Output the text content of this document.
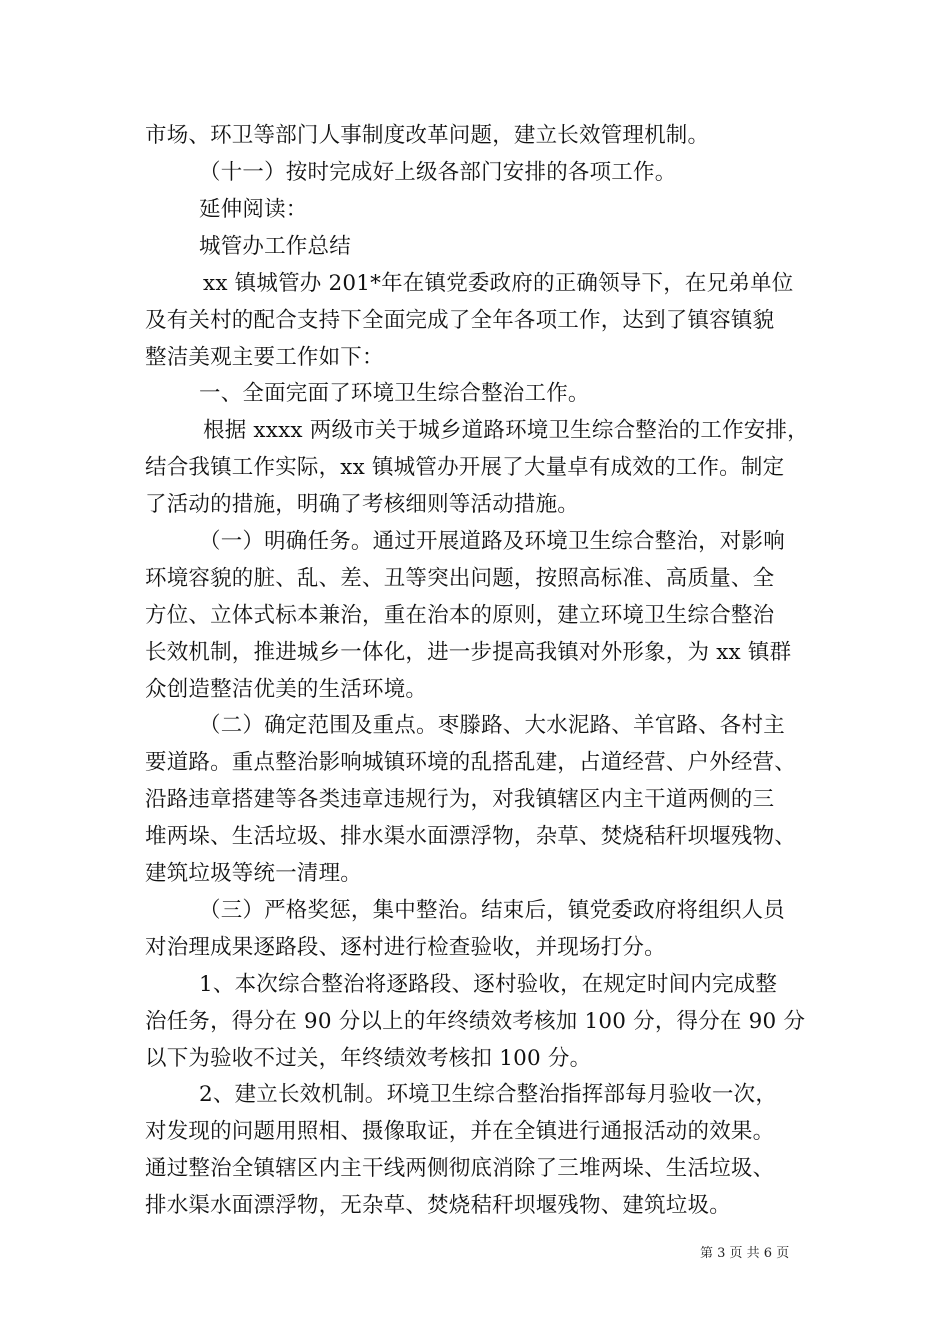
市场、环卫等部门人事制度改革问题，建立长效管理机制。
（十一）按时完成好上级各部门安排的各项工作。
延伸阅读：
城管办工作总结
xx 镇城管办 201*年在镇党委政府的正确领导下，在兄弟单位
及有关村的配合支持下全面完成了全年各项工作，达到了镇容镇貌
整洁美观主要工作如下：
一、全面完面了环境卫生综合整治工作。
根据 xxxx 两级市关于城乡道路环境卫生综合整治的工作安排，
结合我镇工作实际，xx 镇城管办开展了大量卓有成效的工作。制定
了活动的措施，明确了考核细则等活动措施。
（一）明确任务。通过开展道路及环境卫生综合整治，对影响
环境容貌的脏、乱、差、丑等突出问题，按照高标准、高质量、全
方位、立体式标本兼治，重在治本的原则，建立环境卫生综合整治
长效机制，推进城乡一体化，进一步提高我镇对外形象，为 xx 镇群
众创造整洁优美的生活环境。
（二）确定范围及重点。枣滕路、大水泥路、羊官路、各村主
要道路。重点整治影响城镇环境的乱搭乱建，占道经营、户外经营、
沿路违章搭建等各类违章违规行为，对我镇辖区内主干道两侧的三
堆两垛、生活垃圾、排水渠水面漂浮物，杂草、焚烧秸秆坝堰残物、
建筑垃圾等统一清理。
（三）严格奖惩，集中整治。结束后，镇党委政府将组织人员
对治理成果逐路段、逐村进行检查验收，并现场打分。
1、本次综合整治将逐路段、逐村验收，在规定时间内完成整
治任务，得分在 90 分以上的年终绩效考核加 100 分，得分在 90 分
以下为验收不过关，年终绩效考核扣 100 分。
2、建立长效机制。环境卫生综合整治指挥部每月验收一次，
对发现的问题用照相、摄像取证，并在全镇进行通报活动的效果。
通过整治全镇辖区内主干线两侧彻底消除了三堆两垛、生活垃圾、
排水渠水面漂浮物，无杂草、焚烧秸秆坝堰残物、建筑垃圾。
第 3 页 共 6 页
